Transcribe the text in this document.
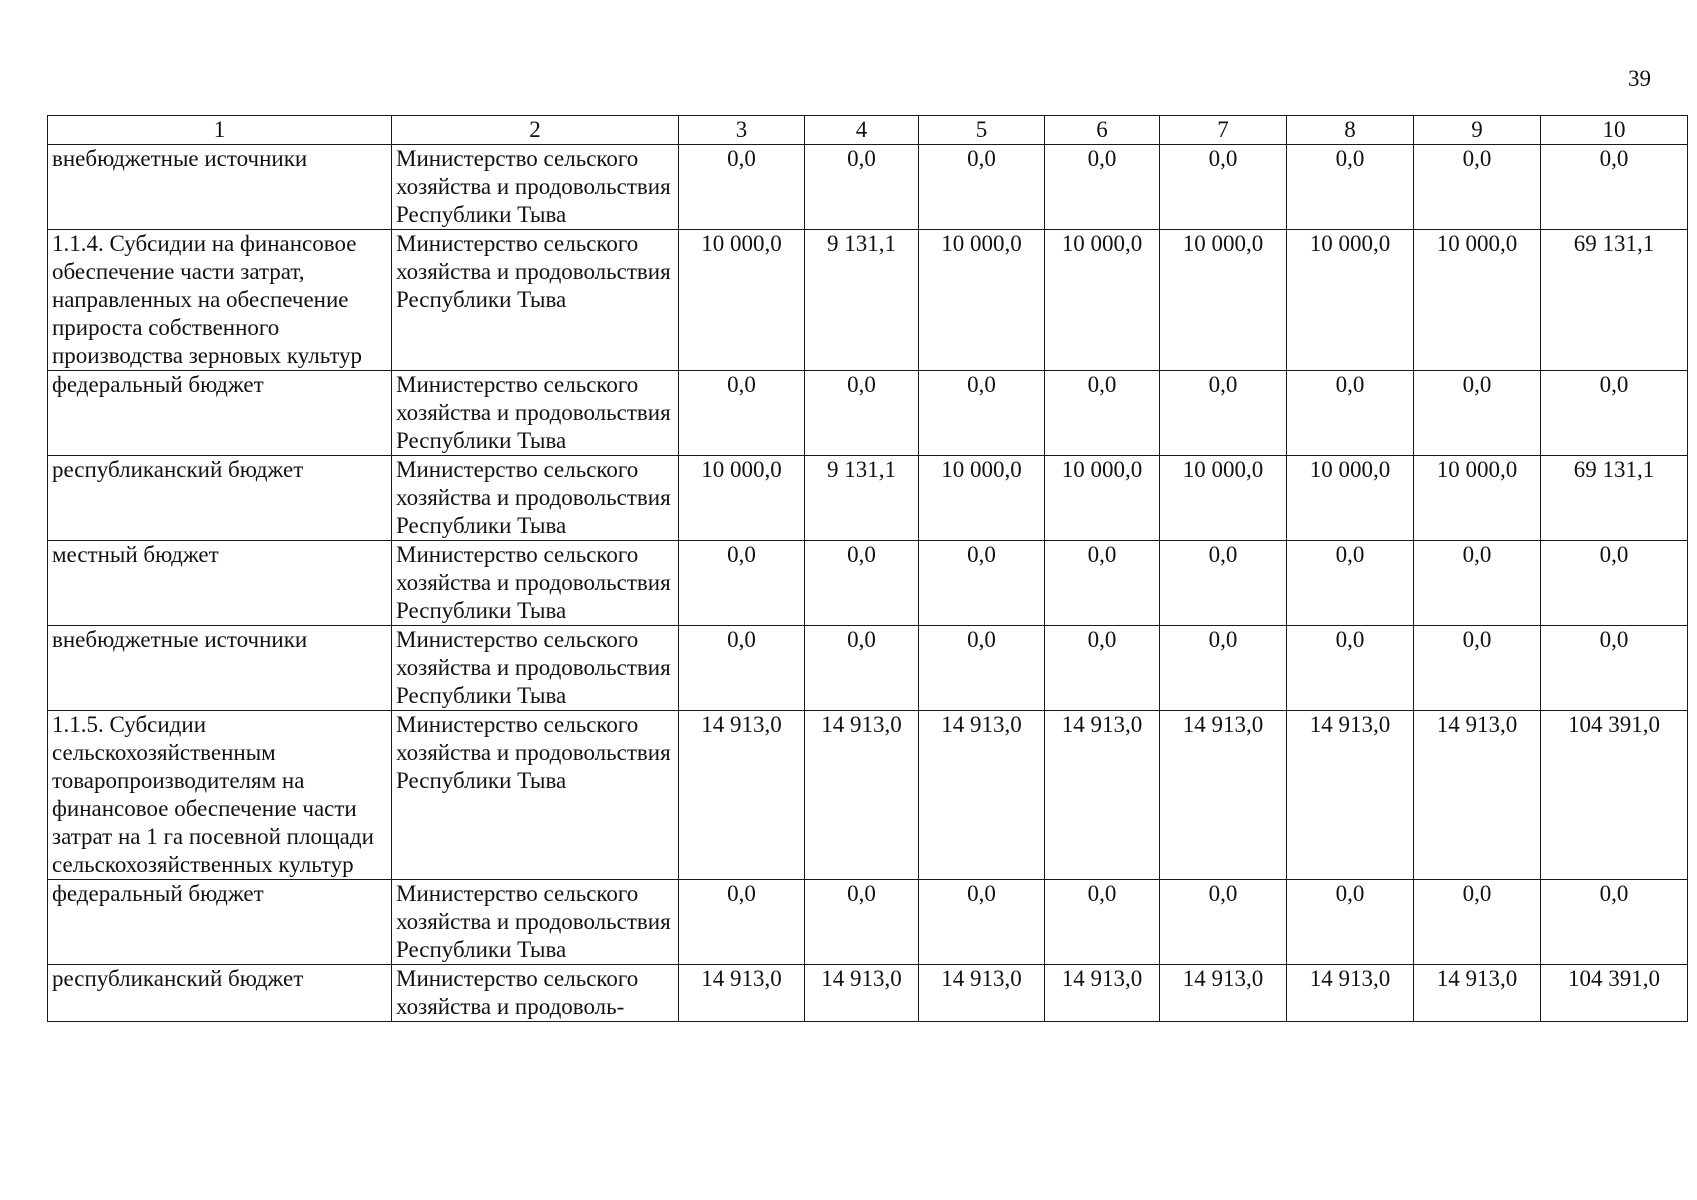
39
1	2	3	4	5	6	7	8	9	10
внебюджетные источники	Министерство сельского хозяйства и продовольствия Республики Тыва	0,0	0,0	0,0	0,0	0,0	0,0	0,0	0,0
1.1.4. Субсидии на финансовое обеспечение части затрат, направленных на обеспечение прироста собственного производства зерновых культур	Министерство сельского хозяйства и продовольствия Республики Тыва	10 000,0	9 131,1	10 000,0	10 000,0	10 000,0	10 000,0	10 000,0	69 131,1
федеральный бюджет	Министерство сельского хозяйства и продовольствия Республики Тыва	0,0	0,0	0,0	0,0	0,0	0,0	0,0	0,0
республиканский бюджет	Министерство сельского хозяйства и продовольствия Республики Тыва	10 000,0	9 131,1	10 000,0	10 000,0	10 000,0	10 000,0	10 000,0	69 131,1
местный бюджет	Министерство сельского хозяйства и продовольствия Республики Тыва	0,0	0,0	0,0	0,0	0,0	0,0	0,0	0,0
внебюджетные источники	Министерство сельского хозяйства и продовольствия Республики Тыва	0,0	0,0	0,0	0,0	0,0	0,0	0,0	0,0
1.1.5. Субсидии сельскохозяйственным товаропроизводителям на финансовое обеспечение части затрат на 1 га посевной площади сельскохозяйственных культур	Министерство сельского хозяйства и продовольствия Республики Тыва	14 913,0	14 913,0	14 913,0	14 913,0	14 913,0	14 913,0	14 913,0	104 391,0
федеральный бюджет	Министерство сельского хозяйства и продовольствия Республики Тыва	0,0	0,0	0,0	0,0	0,0	0,0	0,0	0,0
республиканский бюджет	Министерство сельского хозяйства и продоволь-	14 913,0	14 913,0	14 913,0	14 913,0	14 913,0	14 913,0	14 913,0	104 391,0
